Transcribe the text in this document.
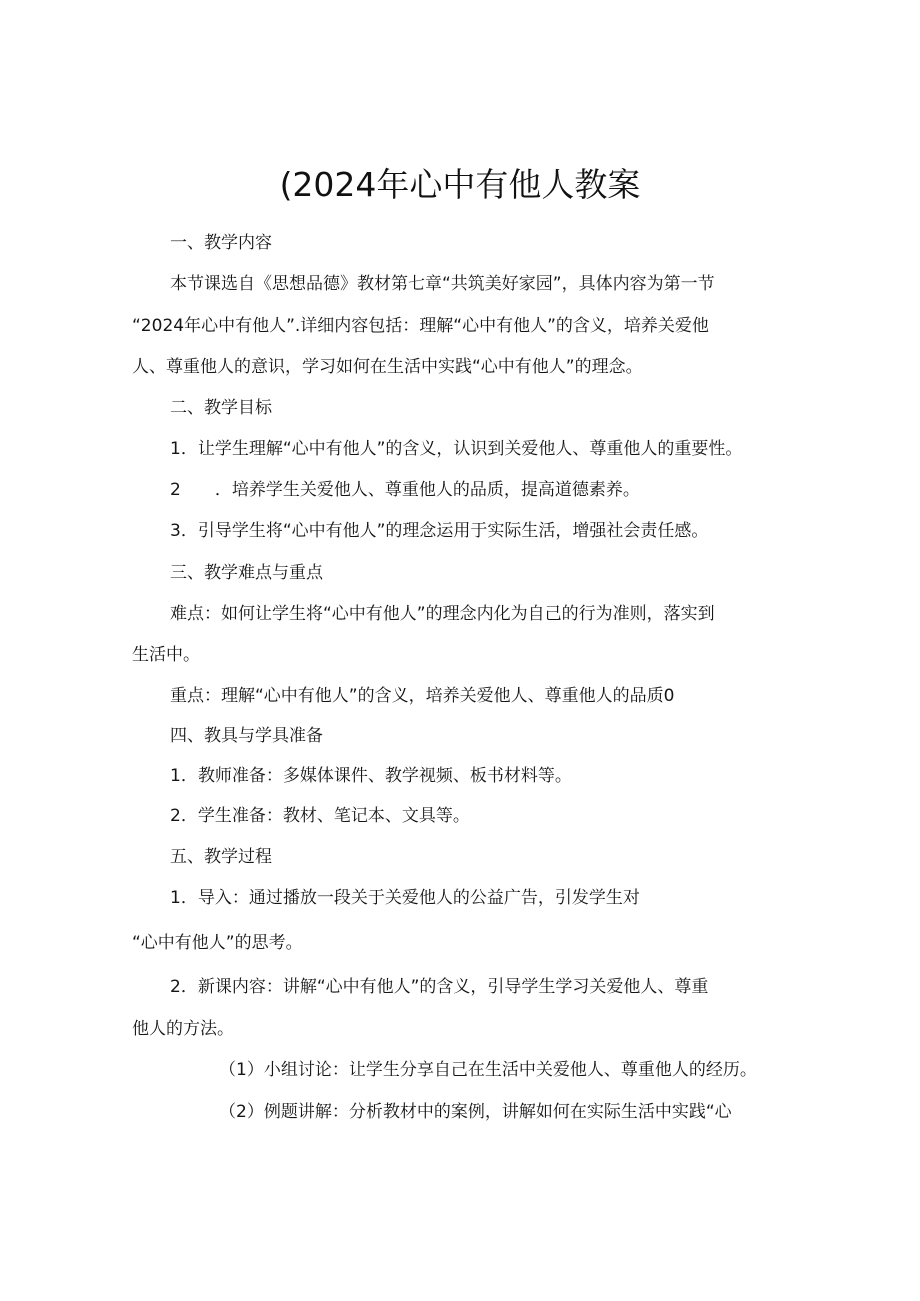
(2024年心中有他人教案
一、教学内容
本节课选自《思想品德》教材第七章“共筑美好家园”，具体内容为第一节
“2024年心中有他人”.详细内容包括：理解“心中有他人”的含义，培养关爱他
人、尊重他人的意识，学习如何在生活中实践“心中有他人”的理念。
二、教学目标
1．让学生理解“心中有他人”的含义，认识到关爱他人、尊重他人的重要性。
2　　．培养学生关爱他人、尊重他人的品质，提高道德素养。
3．引导学生将“心中有他人”的理念运用于实际生活，增强社会责任感。
三、教学难点与重点
难点：如何让学生将“心中有他人”的理念内化为自己的行为准则，落实到
生活中。
重点：理解“心中有他人”的含义，培养关爱他人、尊重他人的品质0
四、教具与学具准备
1．教师准备：多媒体课件、教学视频、板书材料等。
2．学生准备：教材、笔记本、文具等。
五、教学过程
1．导入：通过播放一段关于关爱他人的公益广告，引发学生对
“心中有他人”的思考。
2．新课内容：讲解“心中有他人”的含义，引导学生学习关爱他人、尊重
他人的方法。
（1）小组讨论：让学生分享自己在生活中关爱他人、尊重他人的经历。
（2）例题讲解：分析教材中的案例，讲解如何在实际生活中实践“心
